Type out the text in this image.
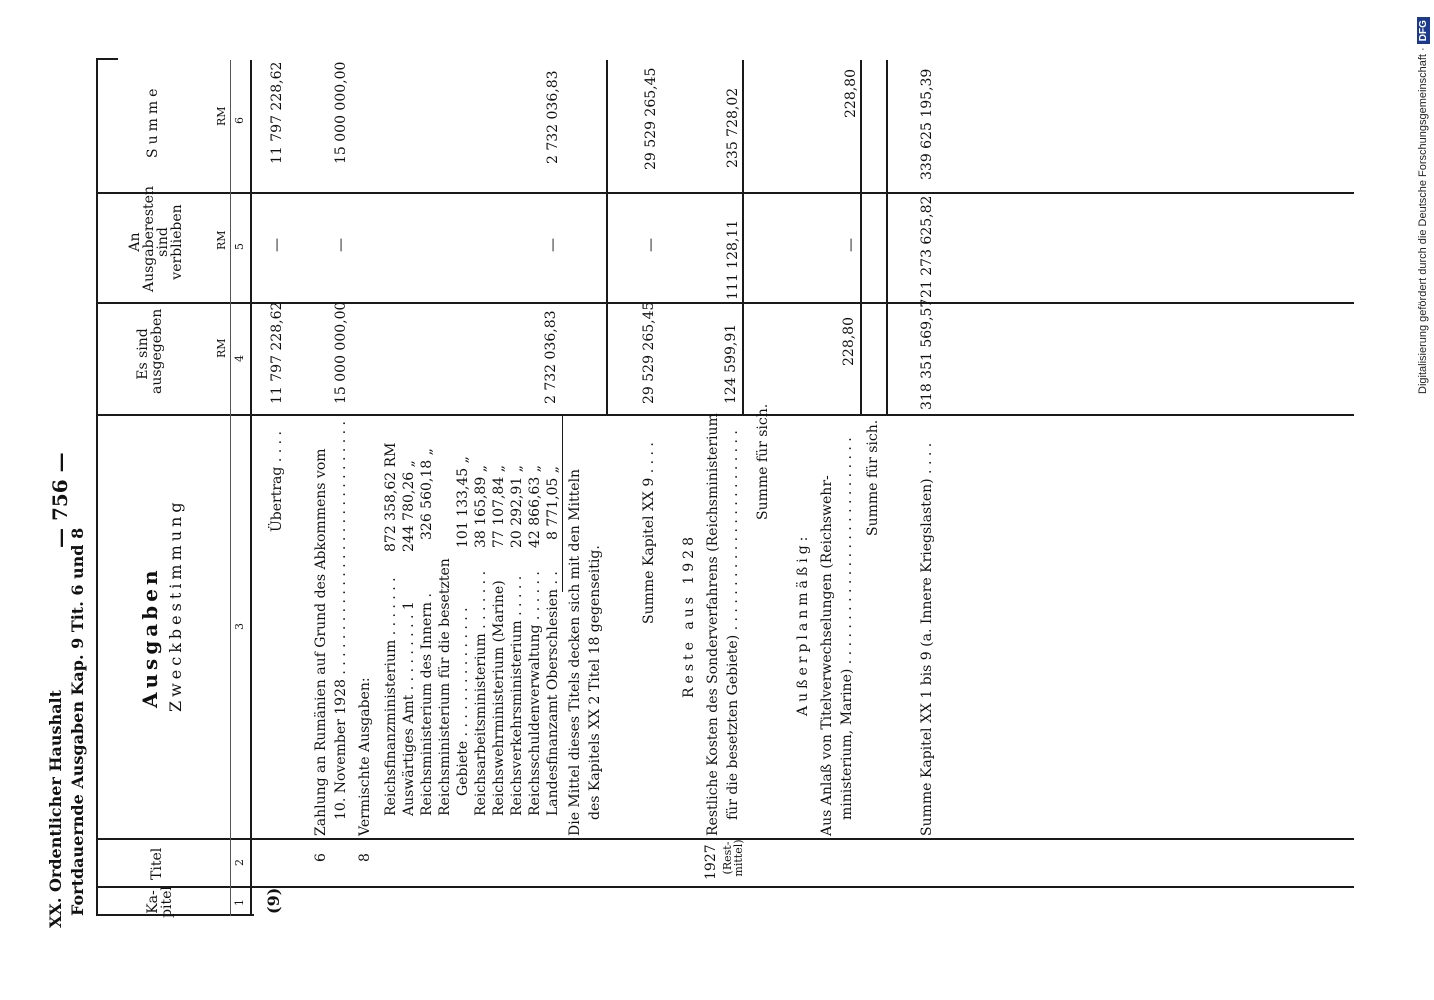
— 756 —
XX. Ordentlicher Haushalt Fortdauernde Ausgaben Kap. 9 Tit. 6 und 8	Ka-
pitel
Titel
Ausgaben Zweckbestimmung
Es sind
ausgegeben
An
Ausgaberesten
sind verblieben
Summe
RM
RM
RM
1
2
3
4
5
6
(9)
Übertrag . . . .
11 797 228,62
—
11 797 228,62
6
Zahlung an Rumänien auf Grund des Abkommens vom 10. November 1928 . . . . . . . . . . . . . . . . . . . . . . . . . . . . .
15 000 000,00
—
15 000 000,00
8
Vermischte Ausgaben: Reichsfinanzministerium . . . . . . .
872 358,62 RM
Auswärtiges Amt . . . . . . . . . 1
244 780,26 „
Reichsministerium des Innern .
326 560,18 „
Reichsministerium für die besetzten Gebiete . . . . . . . . . . . . . . .
101 133,45 „
Reichsarbeitsministerium . . . . . . .
38 165,89 „
Reichswehrministerium (Marine)
77 107,84 „
Reichsverkehrsministerium . . . . .
20 292,91 „
Reichsschuldenverwaltung . . . . . .
42 866,63 „
Landesfinanzamt Oberschlesien . .
8 771,05 „ Die Mittel dieses Titels decken sich mit den Mitteln des Kapitels XX 2 Titel 18 gegenseitig.
2 732 036,83
—
2 732 036,83
Summe Kapitel XX 9 . . . .
29 529 265,45
—
29 529 265,45
Reste aus 1928
1927 (Rest-
mittel)
Restliche Kosten des Sonderverfahrens (Reichsministerium für die besetzten Gebiete) . . . . . . . . . . . . . . . . . . . . . . . Summe für sich.
124 599,91
111 128,11
235 728,02
Außerplanmäßig: Aus Anlaß von Titelverwechselungen (Reichswehr- ministerium, Marine) . . . . . . . . . . . . . . . . . . . . . . . . . . Summe für sich.
228,80
—
228,80
Summe Kapitel XX 1 bis 9 (a. Innere Kriegslasten) . . . .
318 351 569,57
21 273 625,82
339 625 195,39	Digitalisierung gefördert durch die Deutsche Forschungsgemeinschaft · DFG
